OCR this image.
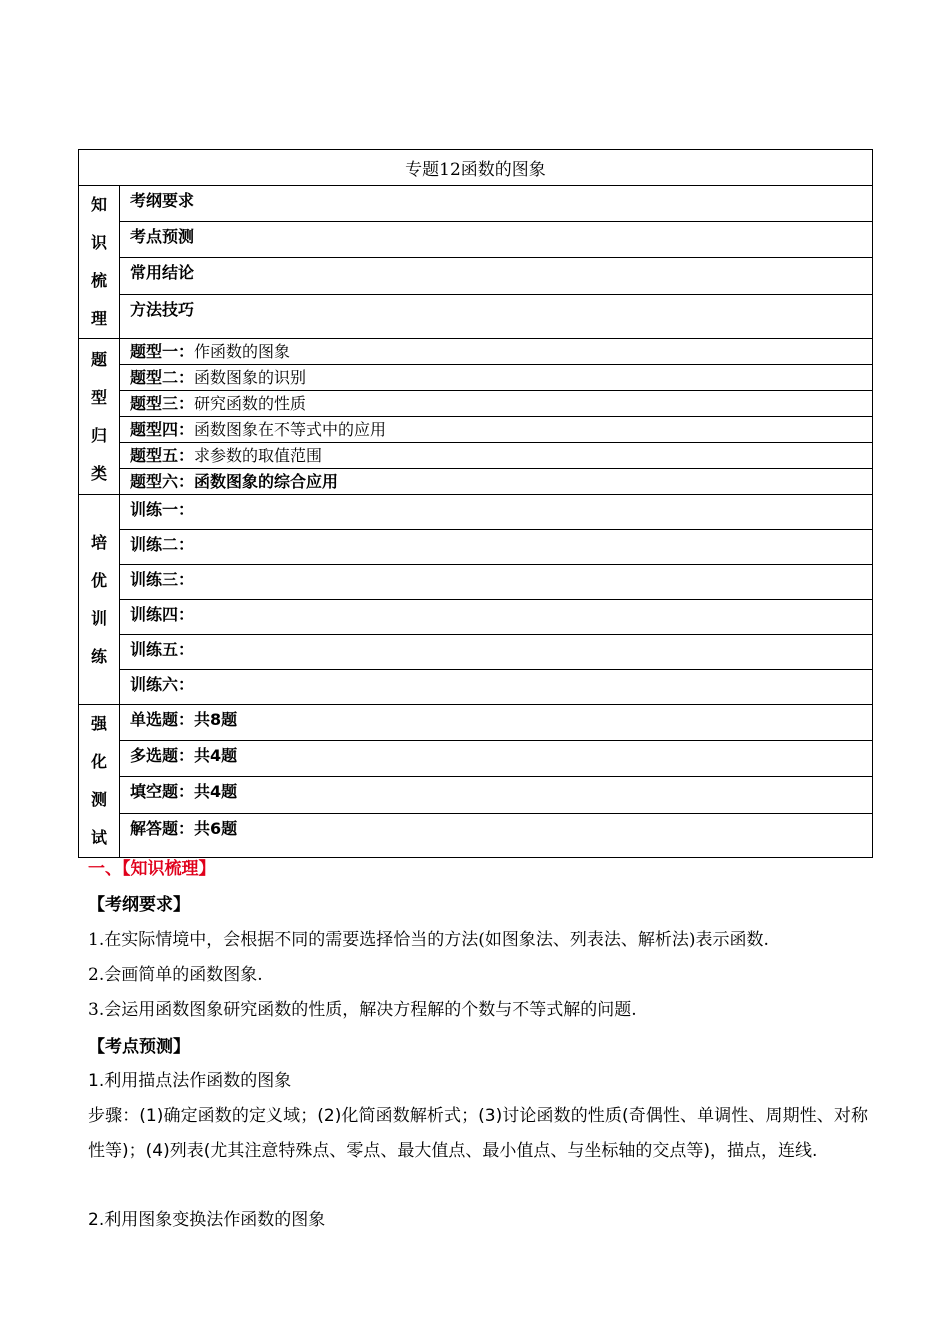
专题12函数的图象	

知
识
梳
理	考纲要求
	考点预测
	常用结论
	方法技巧

题
型
归
类	题型一：作函数的图象
	题型二：函数图象的识别
	题型三：研究函数的性质
	题型四：函数图象在不等式中的应用
	题型五：求参数的取值范围
	题型六：函数图象的综合应用

培
优
训
练	训练一：
	训练二：
	训练三：
	训练四：
	训练五：
	训练六：

强
化
测
试	单选题：共8题
	多选题：共4题
	填空题：共4题
	解答题：共6题
一、【知识梳理】
【考纲要求】
1.在实际情境中，会根据不同的需要选择恰当的方法(如图象法、列表法、解析法)表示函数.
2.会画简单的函数图象.
3.会运用函数图象研究函数的性质，解决方程解的个数与不等式解的问题.
【考点预测】
1.利用描点法作函数的图象
步骤：(1)确定函数的定义域；(2)化简函数解析式；(3)讨论函数的性质(奇偶性、单调性、周期性、对称性等)；(4)列表(尤其注意特殊点、零点、最大值点、最小值点、与坐标轴的交点等)，描点，连线.
2.利用图象变换法作函数的图象
